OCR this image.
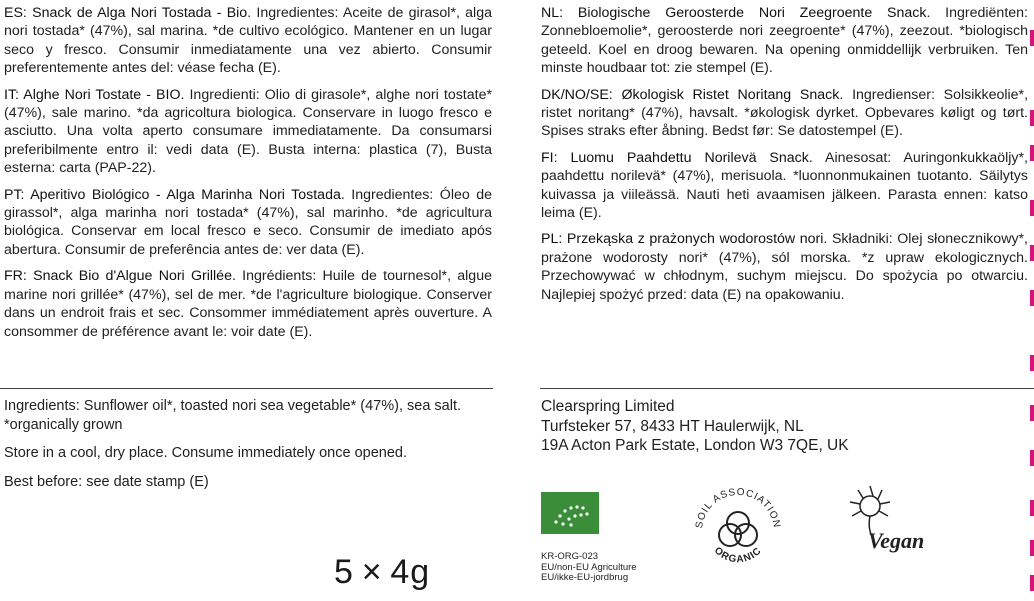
ES: Snack de Alga Nori Tostada - Bio. Ingredientes: Aceite de girasol*, alga nori tostada* (47%), sal marina. *de cultivo ecológico. Mantener en un lugar seco y fresco. Consumir inmediatamente una vez abierto. Consumir preferentemente antes del: véase fecha (E).

IT: Alghe Nori Tostate - BIO. Ingredienti: Olio di girasole*, alghe nori tostate* (47%), sale marino. *da agricoltura biologica. Conservare in luogo fresco e asciutto. Una volta aperto consumare immediatamente. Da consumarsi preferibilmente entro il: vedi data (E). Busta interna: plastica (7), Busta esterna: carta (PAP-22).

PT: Aperitivo Biológico - Alga Marinha Nori Tostada. Ingredientes: Óleo de girassol*, alga marinha nori tostada* (47%), sal marinho. *de agricultura biológica. Conservar em local fresco e seco. Consumir de imediato após abertura. Consumir de preferência antes de: ver data (E).

FR: Snack Bio d'Algue Nori Grillée. Ingrédients: Huile de tournesol*, algue marine nori grillée* (47%), sel de mer. *de l'agriculture biologique. Conserver dans un endroit frais et sec. Consommer immédiatement après ouverture. A consommer de préférence avant le: voir date (E).

NL: Biologische Geroosterde Nori Zeegroente Snack. Ingrediënten: Zonnebloemolie*, geroosterde nori zeegroente* (47%), zeezout. *biologisch geteeld. Koel en droog bewaren. Na opening onmiddellijk verbruiken. Ten minste houdbaar tot: zie stempel (E).

DK/NO/SE: Økologisk Ristet Noritang Snack. Ingredienser: Solsikkeolie*, ristet noritang* (47%), havsalt. *økologisk dyrket. Opbevares køligt og tørt. Spises straks efter åbning. Bedst før: Se datostempel (E).

FI: Luomu Paahdettu Norilevä Snack. Ainesosat: Auringonkukkaöljy*, paahdettu norilevä* (47%), merisuola. *luonnonmukainen tuotanto. Säilytys kuivassa ja viileässä. Nauti heti avaamisen jälkeen. Parasta ennen: katso leima (E).

PL: Przekąska z prażonych wodorostów nori. Składniki: Olej słonecznikowy*, prażone wodorosty nori* (47%), sól morska. *z upraw ekologicznych. Przechowywać w chłodnym, suchym miejscu. Do spożycia po otwarciu. Najlepiej spożyć przed: data (E) na opakowaniu.

Ingredients: Sunflower oil*, toasted nori sea vegetable* (47%), sea salt. *organically grown

Store in a cool, dry place. Consume immediately once opened.

Best before: see date stamp (E)

5 × 4g
Clearspring Limited
Turfsteker 57, 8433 HT Haulerwijk, NL
19A Acton Park Estate, London W3 7QE, UK
KR-ORG-023
EU/non-EU Agriculture
EU/ikke-EU-jordbrug
SOIL ASSOCIATION
ORGANIC	Vegan
